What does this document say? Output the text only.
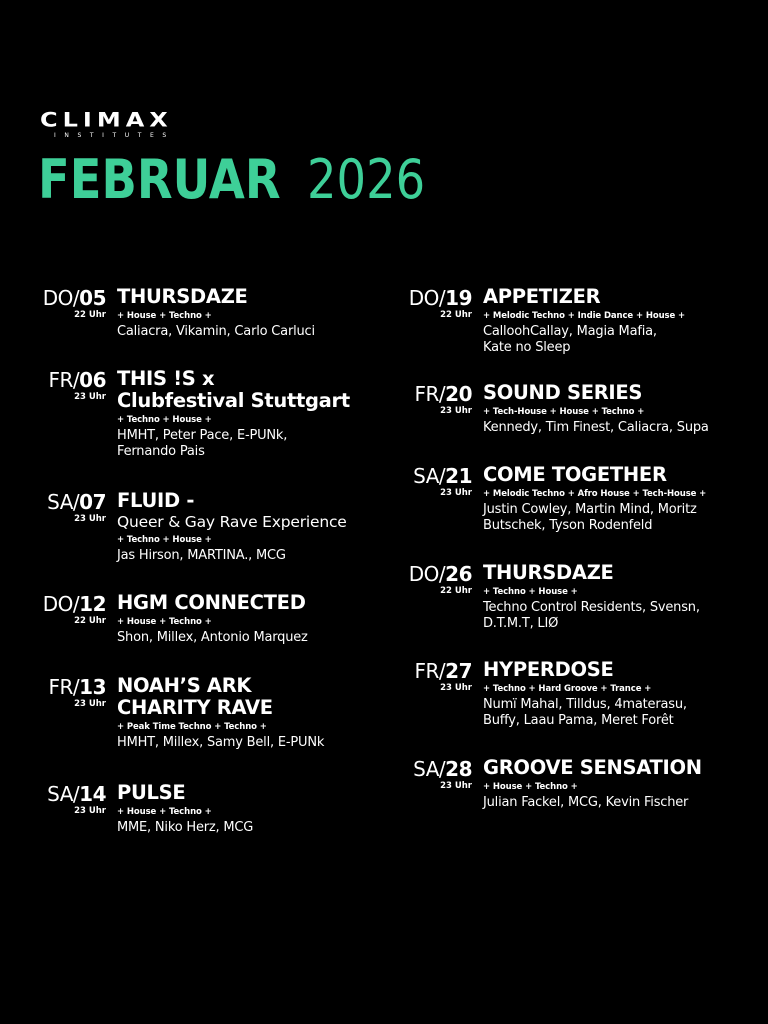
CLIMAX
INSTITUTES
FEBRUAR 2026
DO/05
22 Uhr
THURSDAZE
+ House + Techno +
Caliacra, Vikamin, Carlo Carluci
FR/06
23 Uhr
THIS !S x
Clubfestival Stuttgart
+ Techno + House +
HMHT, Peter Pace, E-PUNk,
Fernando Pais
SA/07
23 Uhr
FLUID -
Queer & Gay Rave Experience
+ Techno + House +
Jas Hirson, MARTINA., MCG
DO/12
22 Uhr
HGM CONNECTED
+ House + Techno +
Shon, Millex, Antonio Marquez
FR/13
23 Uhr
NOAH’S ARK
CHARITY RAVE
+ Peak Time Techno + Techno +
HMHT, Millex, Samy Bell, E-PUNk
SA/14
23 Uhr
PULSE
+ House + Techno +
MME, Niko Herz, MCG
DO/19
22 Uhr
APPETIZER
+ Melodic Techno + Indie Dance + House +
CallоohCallay, Magia Mafia,
Kate no Sleep
FR/20
23 Uhr
SOUND SERIES
+ Tech-House + House + Techno +
Kennedy, Tim Finest, Caliacra, Supa
SA/21
23 Uhr
COME TOGETHER
+ Melodic Techno + Afro House + Tech-House +
Justin Cowley, Martin Mind, Moritz
Butschek, Tyson Rodenfeld
DO/26
22 Uhr
THURSDAZE
+ Techno + House +
Techno Control Residents, Svensn,
D.T.M.T, LIØ
FR/27
23 Uhr
HYPERDOSE
+ Techno + Hard Groove + Trance +
Numï Mahal, Tilldus, 4materasu,
Buffy, Laau Pama, Meret Forêt
SA/28
23 Uhr
GROOVE SENSATION
+ House + Techno +
Julian Fackel, MCG, Kevin Fischer
